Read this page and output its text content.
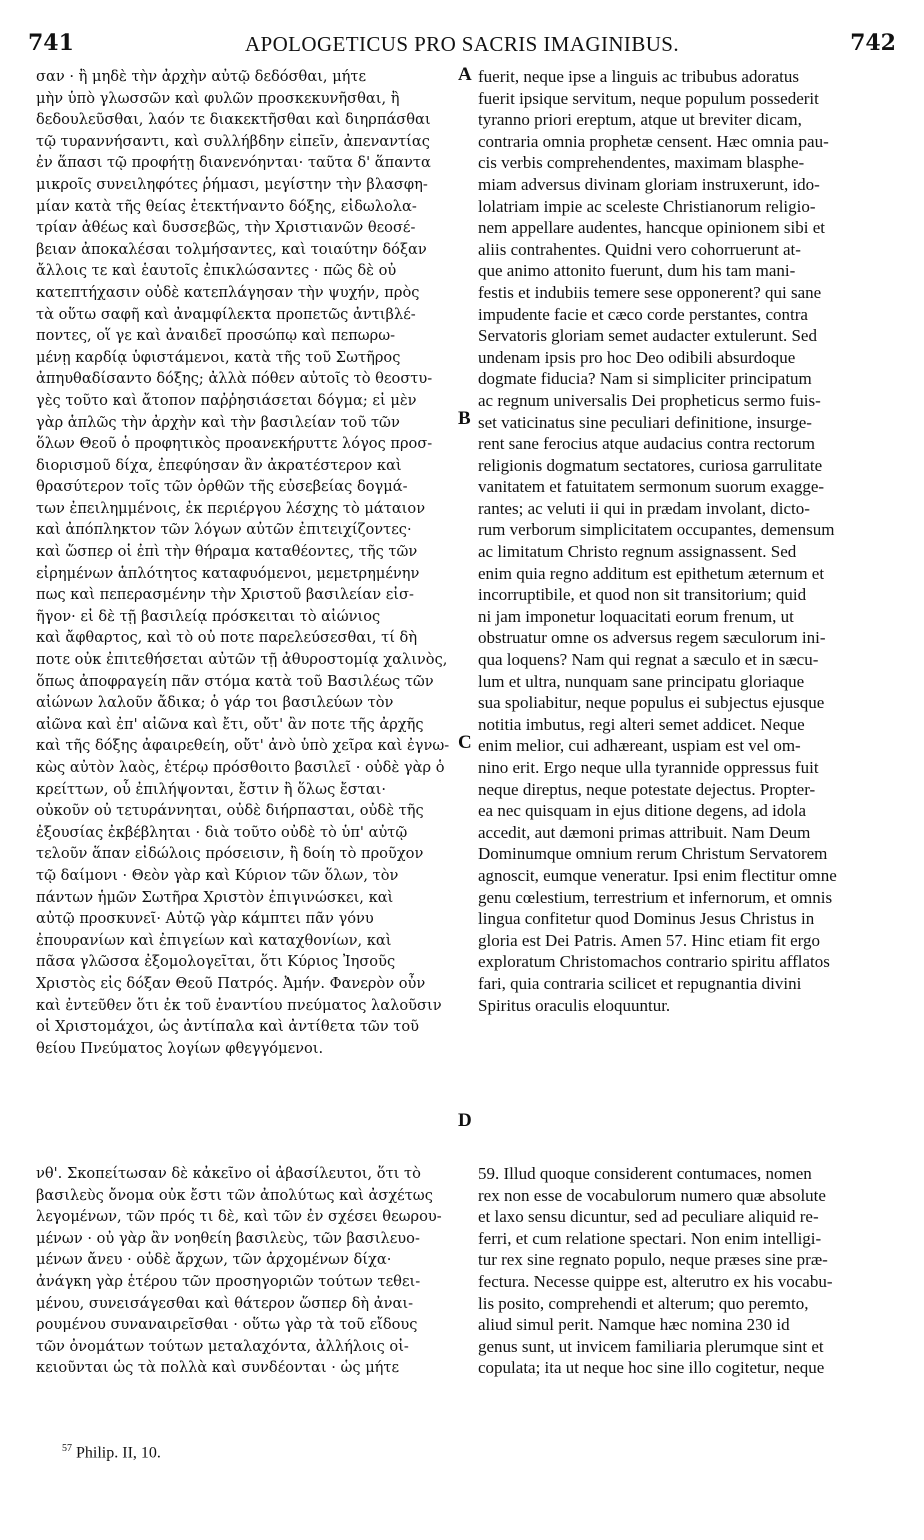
741	APOLOGETICUS PRO SACRIS IMAGINIBUS.	742
σαν · ἢ μηδὲ τὴν ἀρχὴν αὐτῷ δεδόσθαι, μήτε
μὴν ὑπὸ γλωσσῶν καὶ φυλῶν προσκεκυνῆσθαι, ἢ
δεδουλεῦσθαι, λαόν τε διακεκτῆσθαι καὶ διηρπάσθαι
τῷ τυραννήσαντι, καὶ συλλήβδην εἰπεῖν, ἀπεναντίας
ἐν ἅπασι τῷ προφήτῃ διανενόηνται· ταῦτα δ' ἅπαντα
μικροῖς συνειληφότες ῥήμασι, μεγίστην τὴν βλασφη-
μίαν κατὰ τῆς θείας ἐτεκτήναντο δόξης, εἰδωλολα-
τρίαν ἀθέως καὶ δυσσεβῶς, τὴν Χριστιανῶν θεοσέ-
βειαν ἀποκαλέσαι τολμήσαντες, καὶ τοιαύτην δόξαν
ἄλλοις τε καὶ ἑαυτοῖς ἐπικλώσαντες · πῶς δὲ οὐ
κατεπτήχασιν οὐδὲ κατεπλάγησαν τὴν ψυχήν, πρὸς
τὰ οὕτω σαφῆ καὶ ἀναμφίλεκτα προπετῶς ἀντιβλέ-
ποντες, οἵ γε καὶ ἀναιδεῖ προσώπῳ καὶ πεπωρω-
μένῃ καρδίᾳ ὑφιστάμενοι, κατὰ τῆς τοῦ Σωτῆρος
ἀπηυθαδίσαντο δόξης; ἀλλὰ πόθεν αὐτοῖς τὸ θεοστυ-
γὲς τοῦτο καὶ ἄτοπον παῤῥησιάσεται δόγμα; εἰ μὲν
γὰρ ἁπλῶς τὴν ἀρχὴν καὶ τὴν βασιλείαν τοῦ τῶν
ὅλων Θεοῦ ὁ προφητικὸς προανεκήρυττε λόγος προσ-
διορισμοῦ δίχα, ἐπεφύησαν ἂν ἀκρατέστερον καὶ
θρασύτερον τοῖς τῶν ὀρθῶν τῆς εὐσεβείας δογμά-
των ἐπειλημμένοις, ἐκ περιέργου λέσχης τὸ μάταιον
καὶ ἀπόπληκτον τῶν λόγων αὐτῶν ἐπιτειχίζοντες·
καὶ ὥσπερ οἱ ἐπὶ τὴν θήραμα καταθέοντες, τῆς τῶν
εἰρημένων ἁπλότητος καταφυόμενοι, μεμετρημένην
πως καὶ πεπερασμένην τὴν Χριστοῦ βασιλείαν εἰσ-
ῆγον· εἰ δὲ τῇ βασιλείᾳ πρόσκειται τὸ αἰώνιος
καὶ ἄφθαρτος, καὶ τὸ οὐ ποτε παρελεύσεσθαι, τί δὴ
ποτε οὐκ ἐπιτεθήσεται αὐτῶν τῇ ἀθυροστομίᾳ χαλινὸς,
ὅπως ἀποφραγείη πᾶν στόμα κατὰ τοῦ Βασιλέως τῶν
αἰώνων λαλοῦν ἄδικα; ὁ γάρ τοι βασιλεύων τὸν
αἰῶνα καὶ ἐπ' αἰῶνα καὶ ἔτι, οὔτ' ἂν ποτε τῆς ἀρχῆς
καὶ τῆς δόξης ἀφαιρεθείη, οὔτ' ἀνὸ ὑπὸ χεῖρα καὶ ἐγνω-
κὼς αὐτὸν λαὸς, ἑτέρῳ πρόσθοιτο βασιλεῖ · οὐδὲ γὰρ ὁ
κρείττων, οὗ ἐπιλήψονται, ἔστιν ἢ ὅλως ἔσται·
οὐκοῦν οὐ τετυράννηται, οὐδὲ διήρπασται, οὐδὲ τῆς
ἐξουσίας ἐκβέβληται · διὰ τοῦτο οὐδὲ τὸ ὑπ' αὐτῷ
τελοῦν ἅπαν εἰδώλοις πρόσεισιν, ἢ δοίη τὸ προῦχον
τῷ δαίμονι · Θεὸν γὰρ καὶ Κύριον τῶν ὅλων, τὸν
πάντων ἡμῶν Σωτῆρα Χριστὸν ἐπιγινώσκει, καὶ
αὐτῷ προσκυνεῖ· Αὐτῷ γὰρ κάμπτει πᾶν γόνυ
ἐπουρανίων καὶ ἐπιγείων καὶ καταχθονίων, καὶ
πᾶσα γλῶσσα ἐξομολογεῖται, ὅτι Κύριος Ἰησοῦς
Χριστὸς εἰς δόξαν Θεοῦ Πατρός. Ἀμήν. Φανερὸν οὖν
καὶ ἐντεῦθεν ὅτι ἐκ τοῦ ἐναντίου πνεύματος λαλοῦσιν
οἱ Χριστομάχοι, ὡς ἀντίπαλα καὶ ἀντίθετα τῶν τοῦ
θείου Πνεύματος λογίων φθεγγόμενοι.
fuerit, neque ipse a linguis ac tribubus adoratus
fuerit ipsique servitum, neque populum possederit
tyranno priori ereptum, atque ut breviter dicam,
contraria omnia prophetæ censent. Hæc omnia pau-
cis verbis comprehendentes, maximam blasphe-
miam adversus divinam gloriam instruxerunt, ido-
lolatriam impie ac sceleste Christianorum religio-
nem appellare audentes, hancque opinionem sibi et
aliis contrahentes. Quidni vero cohorruerunt at-
que animo attonito fuerunt, dum his tam mani-
festis et indubiis temere sese opponerent? qui sane
impudente facie et cæco corde perstantes, contra
Servatoris gloriam semet audacter extulerunt. Sed
undenam ipsis pro hoc Deo odibili absurdoque
dogmate fiducia? Nam si simpliciter principatum
ac regnum universalis Dei propheticus sermo fuis-
set vaticinatus sine peculiari definitione, insurge-
rent sane ferocius atque audacius contra rectorum
religionis dogmatum sectatores, curiosa garrulitate
vanitatem et fatuitatem sermonum suorum exagge-
rantes; ac veluti ii qui in prædam involant, dicto-
rum verborum simplicitatem occupantes, demensum
ac limitatum Christo regnum assignassent. Sed
enim quia regno additum est epithetum æternum et
incorruptibile, et quod non sit transitorium; quid
ni jam imponetur loquacitati eorum frenum, ut
obstruatur omne os adversus regem sæculorum ini-
qua loquens? Nam qui regnat a sæculo et in sæcu-
lum et ultra, nunquam sane principatu gloriaque
sua spoliabitur, neque populus ei subjectus ejusque
notitia imbutus, regi alteri semet addicet. Neque
enim melior, cui adhæreant, uspiam est vel om-
nino erit. Ergo neque ulla tyrannide oppressus fuit
neque direptus, neque potestate dejectus. Propter-
ea nec quisquam in ejus ditione degens, ad idola
accedit, aut dæmoni primas attribuit. Nam Deum
Dominumque omnium rerum Christum Servatorem
agnoscit, eumque veneratur. Ipsi enim flectitur omne
genu cœlestium, terrestrium et infernorum, et omnis
lingua confitetur quod Dominus Jesus Christus in
gloria est Dei Patris. Amen 57. Hinc etiam fit ergo
exploratum Christomachos contrario spiritu afflatos
fari, quia contraria scilicet et repugnantia divini
Spiritus oraculis eloquuntur.
νθ'. Σκοπείτωσαν δὲ κἀκεῖνο οἱ ἀβασίλευτοι, ὅτι τὸ
βασιλεὺς ὄνομα οὐκ ἔστι τῶν ἀπολύτως καὶ ἀσχέτως
λεγομένων, τῶν πρός τι δὲ, καὶ τῶν ἐν σχέσει θεωρου-
μένων · οὐ γὰρ ἂν νοηθείη βασιλεὺς, τῶν βασιλευο-
μένων ἄνευ · οὐδὲ ἄρχων, τῶν ἀρχομένων δίχα·
ἀνάγκη γὰρ ἑτέρου τῶν προσηγοριῶν τούτων τεθει-
μένου, συνεισάγεσθαι καὶ θάτερον ὥσπερ δὴ ἀναι-
ρουμένου συναναιρεῖσθαι · οὕτω γὰρ τὰ τοῦ εἴδους
τῶν ὀνομάτων τούτων μεταλαχόντα, ἀλλήλοις οἰ-
κειοῦνται ὡς τὰ πολλὰ καὶ συνδέονται · ὡς μήτε
59. Illud quoque considerent contumaces, nomen
rex non esse de vocabulorum numero quæ absolute
et laxo sensu dicuntur, sed ad peculiare aliquid re-
ferri, et cum relatione spectari. Non enim intelligi-
tur rex sine regnato populo, neque præses sine præ-
fectura. Necesse quippe est, alterutro ex his vocabu-
lis posito, comprehendi et alterum; quo peremto,
aliud simul perit. Namque hæc nomina 230 id
genus sunt, ut invicem familiaria plerumque sint et
copulata; ita ut neque hoc sine illo cogitetur, neque
A
B
C
D
$^{57}$ Philip. II, 10.
